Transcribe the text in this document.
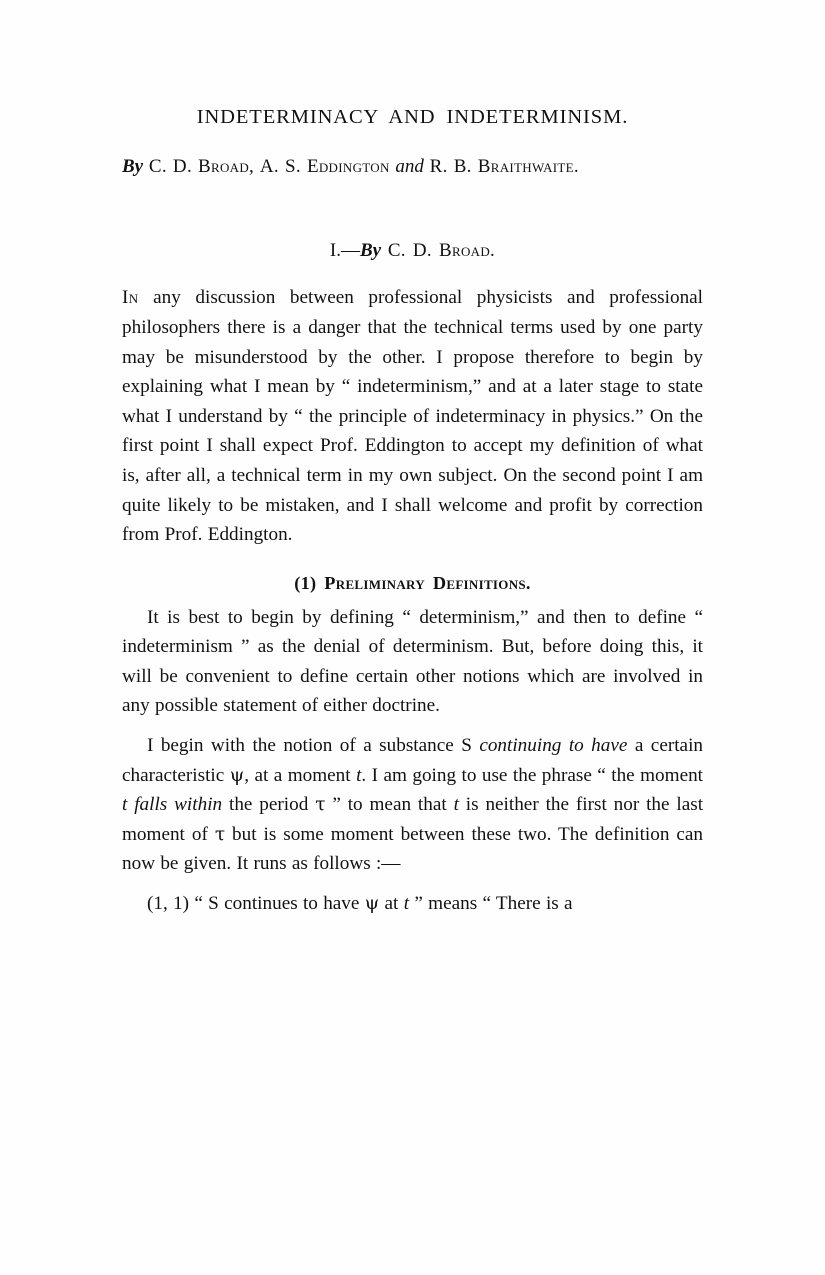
INDETERMINACY AND INDETERMINISM.
By C. D. Broad, A. S. Eddington and R. B. Braithwaite.
I.—By C. D. Broad.

In any discussion between professional physicists and professional philosophers there is a danger that the technical terms used by one party may be misunderstood by the other. I propose therefore to begin by explaining what I mean by “ indeterminism,” and at a later stage to state what I understand by “ the principle of indeterminacy in physics.” On the first point I shall expect Prof. Eddington to accept my definition of what is, after all, a technical term in my own subject. On the second point I am quite likely to be mistaken, and I shall welcome and profit by correction from Prof. Eddington.

(1) Preliminary Definitions.

It is best to begin by defining “ determinism,” and then to define “ indeterminism ” as the denial of determinism. But, before doing this, it will be convenient to define certain other notions which are involved in any possible statement of either doctrine.

I begin with the notion of a substance S continuing to have a certain characteristic ψ, at a moment t. I am going to use the phrase “ the moment t falls within the period τ ” to mean that t is neither the first nor the last moment of τ but is some moment between these two. The definition can now be given. It runs as follows :—

(1, 1) “ S continues to have ψ at t ” means “ There is a
